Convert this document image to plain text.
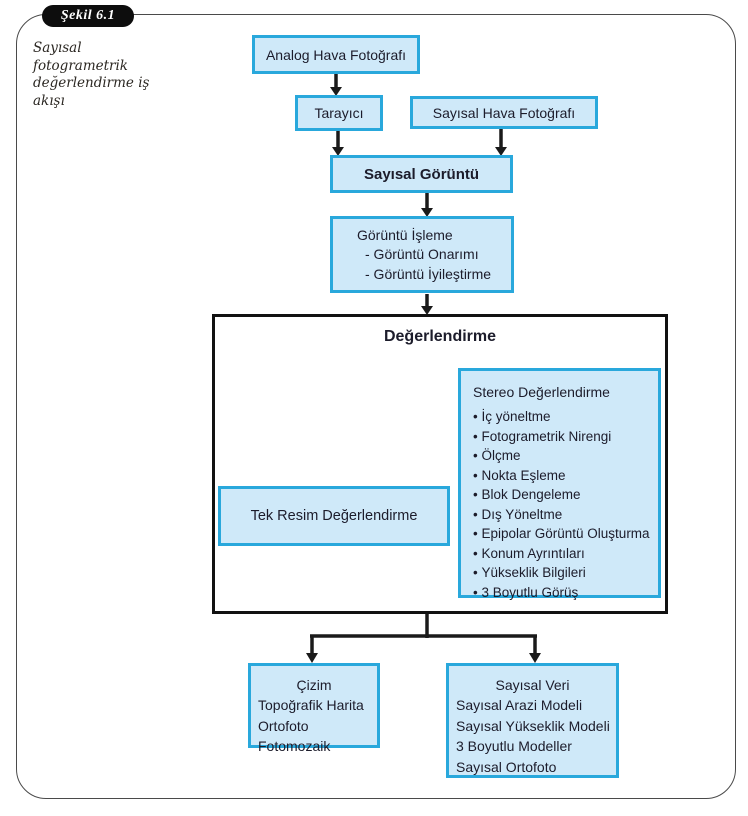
Şekil 6.1
Sayısal fotogrametrik değerlendirme iş akışı
Analog Hava Fotoğrafı
Tarayıcı	Sayısal Hava Fotoğrafı
Sayısal Görüntü
Görüntü İşleme
- Görüntü Onarımı
- Görüntü İyileştirme
Değerlendirme
Tek Resim Değerlendirme
Stereo Değerlendirme
• İç yöneltme
• Fotogrametrik Nirengi
• Ölçme
• Nokta Eşleme
• Blok Dengeleme
• Dış Yöneltme
• Epipolar Görüntü Oluşturma
• Konum Ayrıntıları
• Yükseklik Bilgileri
• 3 Boyutlu Görüş
Çizim
Topoğrafik Harita
Ortofoto
Fotomozaik
Sayısal Veri
Sayısal Arazi Modeli
Sayısal Yükseklik Modeli
3 Boyutlu Modeller
Sayısal Ortofoto
